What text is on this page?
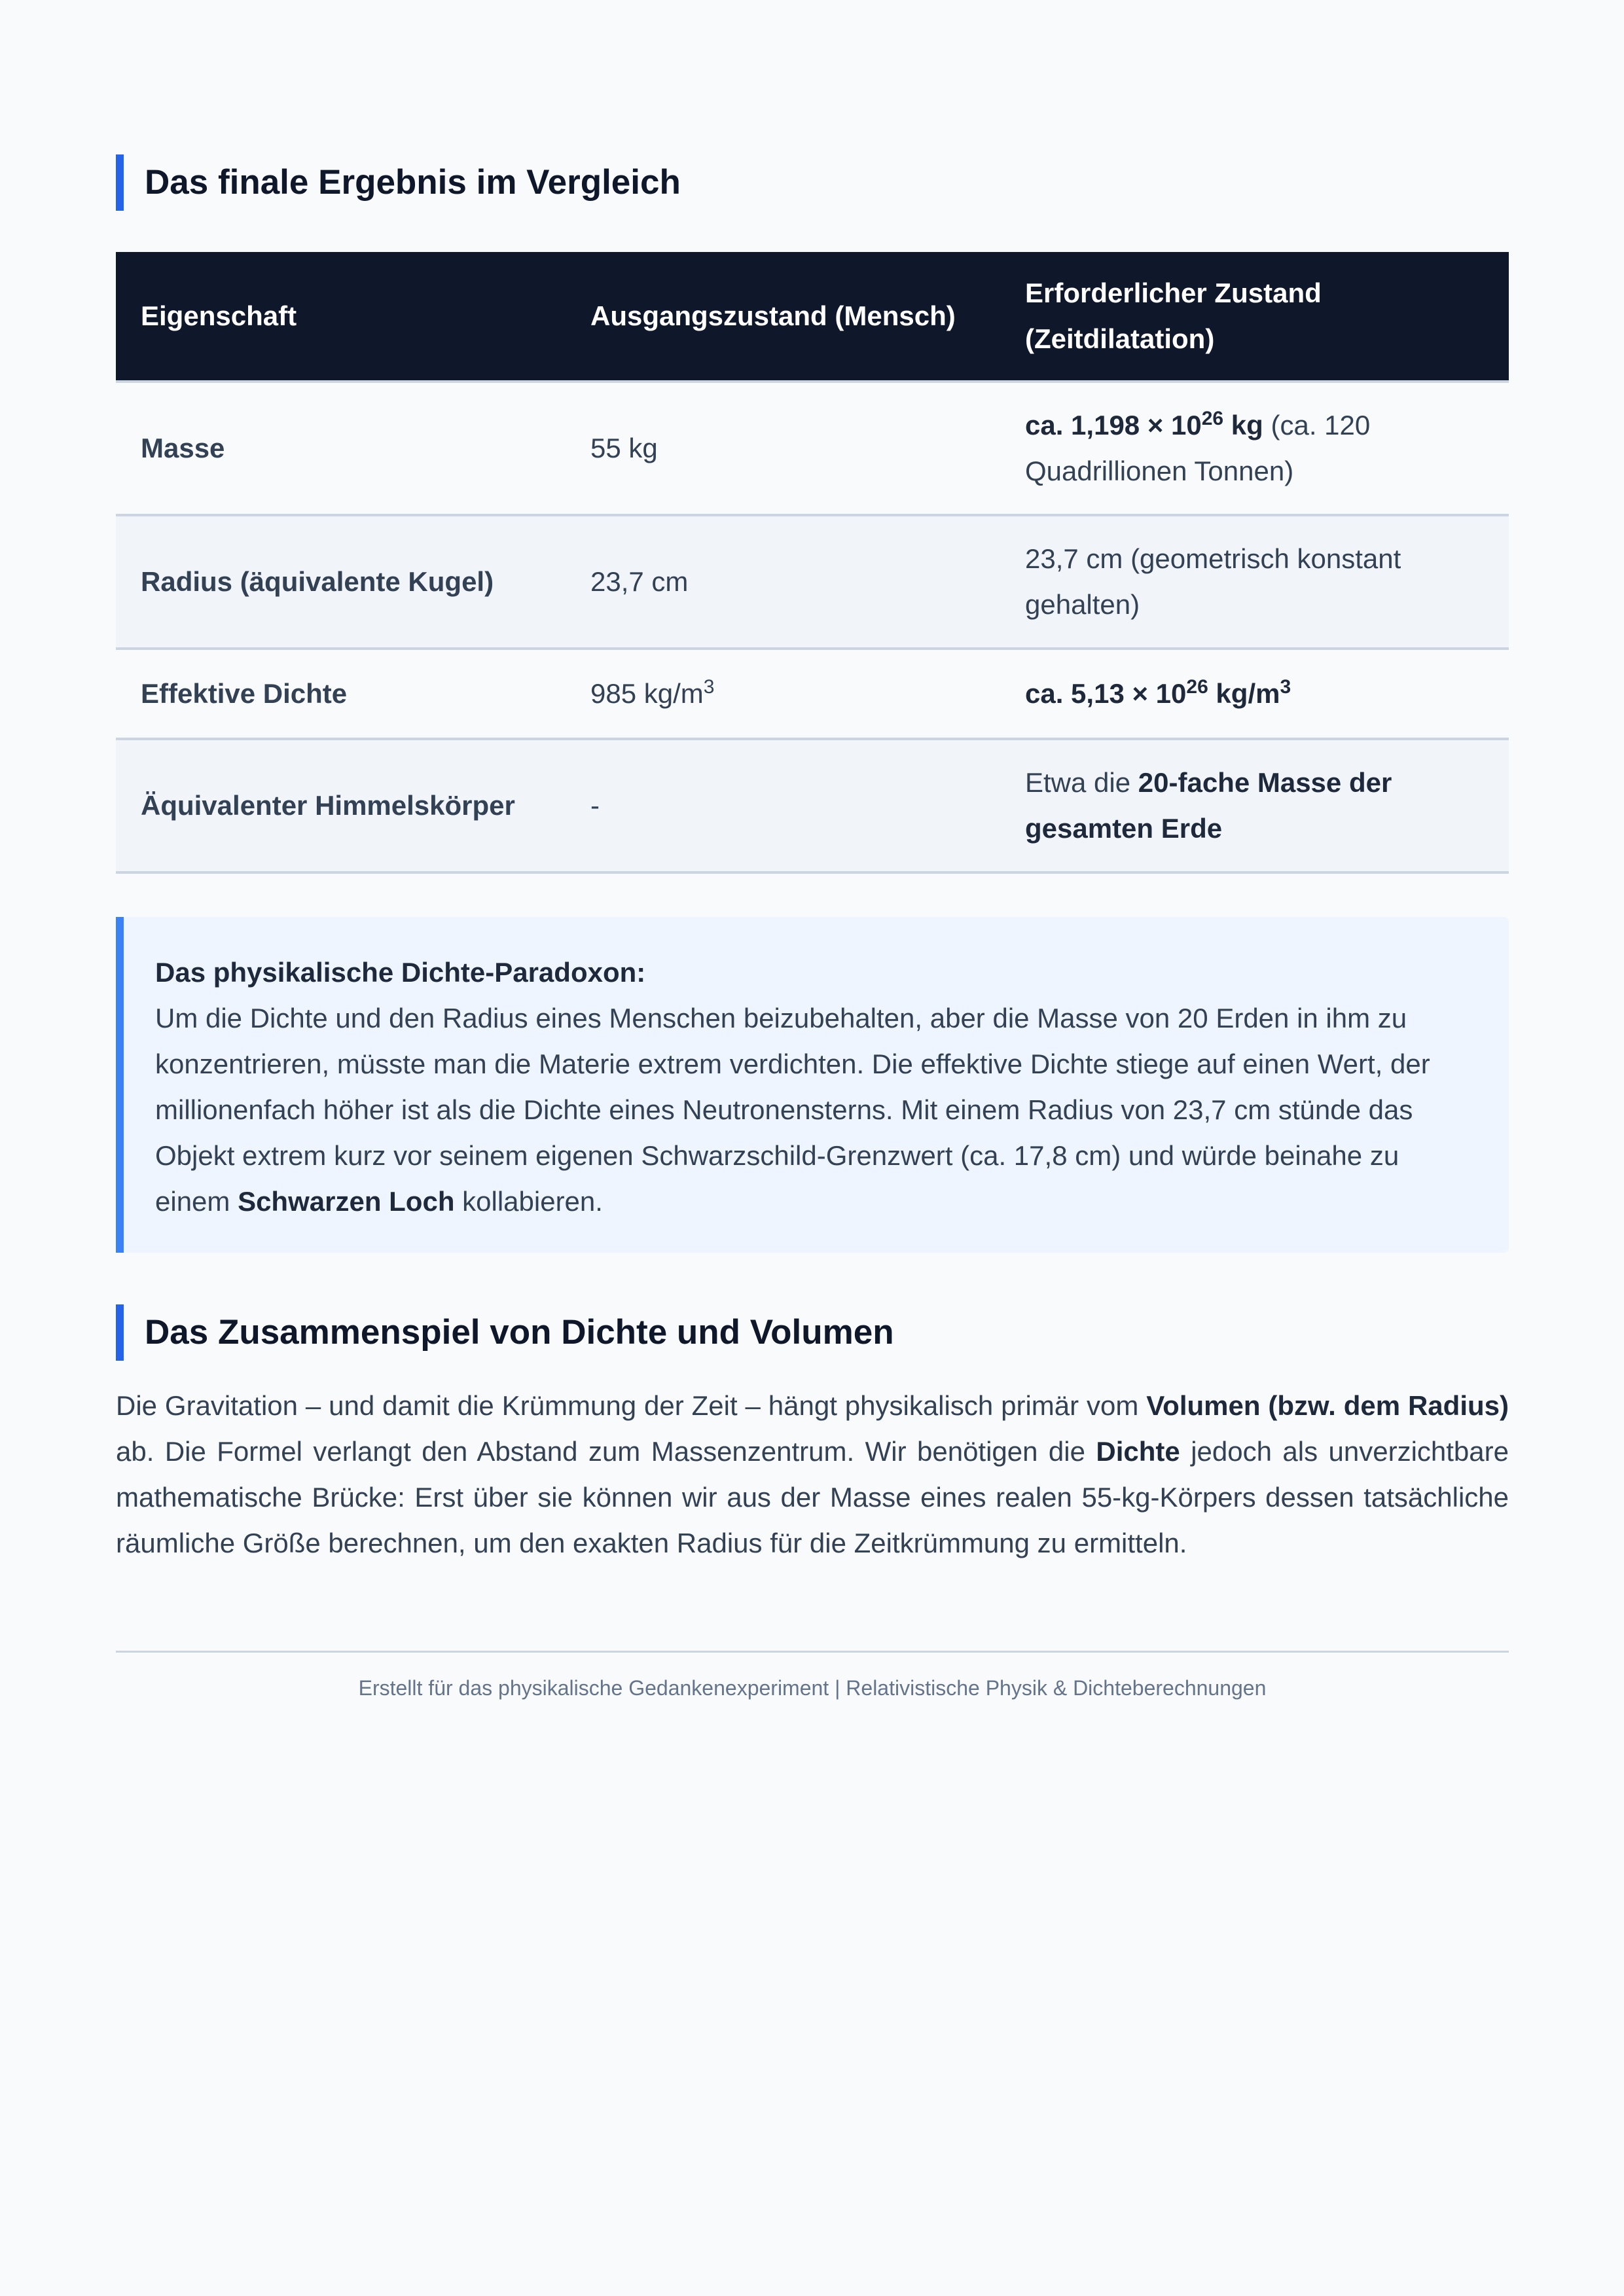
Das finale Ergebnis im Vergleich
Eigenschaft	Ausgangszustand (Mensch)	Erforderlicher Zustand (Zeitdilatation)
Masse	55 kg	ca. $1,198 \times 10^{26}$ kg (ca. 120 Quadrillionen Tonnen)
Radius (äquivalente Kugel)	23,7 cm	23,7 cm (geometrisch konstant gehalten)
Effektive Dichte	985 $kg/m^3$	ca. $5,13 \times 10^{26}$ $kg/m^3$
Äquivalenter Himmelskörper	-	Etwa die 20-fache Masse der gesamten Erde
Das physikalische Dichte-Paradoxon:
Um die Dichte und den Radius eines Menschen beizubehalten, aber die Masse von 20 Erden in ihm zu konzentrieren, müsste man die Materie extrem verdichten. Die effektive Dichte stiege auf einen Wert, der millionenfach höher ist als die Dichte eines Neutronensterns. Mit einem Radius von 23,7 cm stünde das Objekt extrem kurz vor seinem eigenen Schwarzschild-Grenzwert (ca. 17,8 cm) und würde beinahe zu einem Schwarzen Loch kollabieren.
Das Zusammenspiel von Dichte und Volumen

Die Gravitation – und damit die Krümmung der Zeit – hängt physikalisch primär vom Volumen (bzw. dem Radius) ab. Die Formel verlangt den Abstand zum Massenzentrum. Wir benötigen die Dichte jedoch als unverzichtbare mathematische Brücke: Erst über sie können wir aus der Masse eines realen 55-kg-Körpers dessen tatsächliche räumliche Größe berechnen, um den exakten Radius für die Zeitkrümmung zu ermitteln.

Erstellt für das physikalische Gedankenexperiment | Relativistische Physik & Dichteberechnungen
